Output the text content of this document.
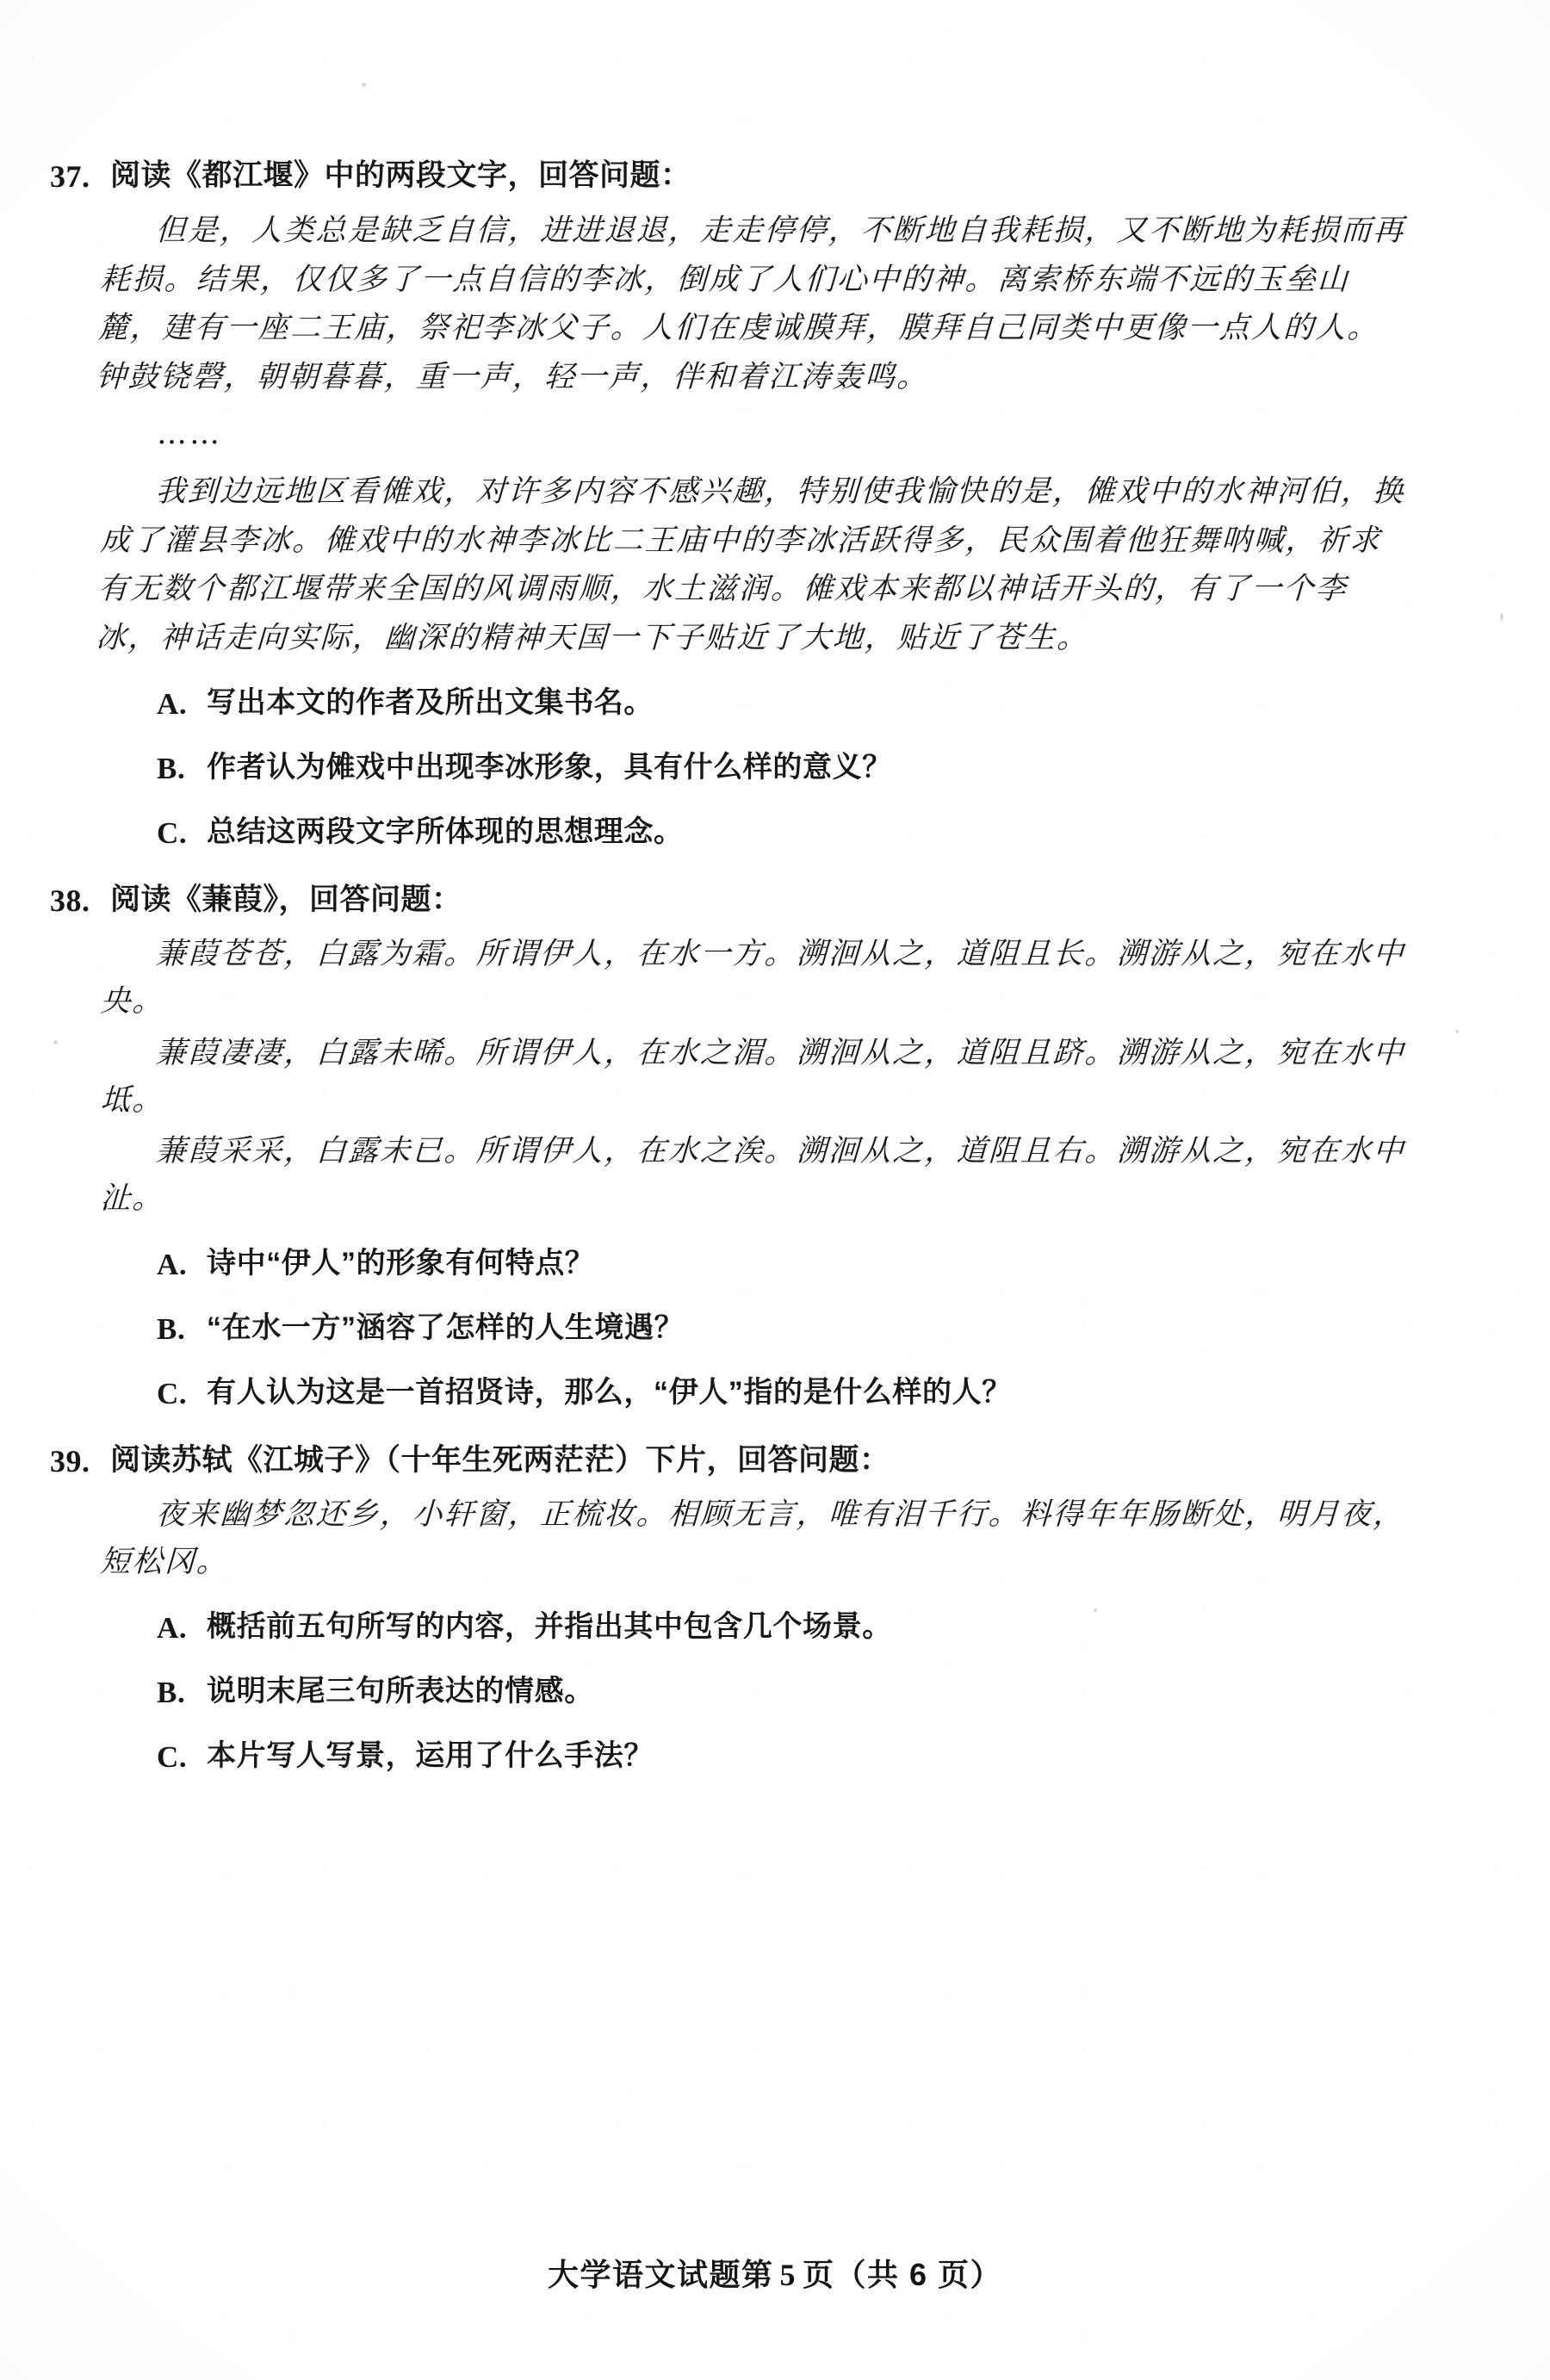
37. 阅读《都江堰》中的两段文字，回答问题：

但是，人类总是缺乏自信，进进退退，走走停停，不断地自我耗损，又不断地为耗损而再耗损。结果，仅仅多了一点自信的李冰，倒成了人们心中的神。离索桥东端不远的玉垒山麓，建有一座二王庙，祭祀李冰父子。人们在虔诚膜拜，膜拜自己同类中更像一点人的人。钟鼓铙磬，朝朝暮暮，重一声，轻一声，伴和着江涛轰鸣。

……

我到边远地区看傩戏，对许多内容不感兴趣，特别使我愉快的是，傩戏中的水神河伯，换成了灌县李冰。傩戏中的水神李冰比二王庙中的李冰活跃得多，民众围着他狂舞呐喊，祈求有无数个都江堰带来全国的风调雨顺，水土滋润。傩戏本来都以神话开头的，有了一个李冰，神话走向实际，幽深的精神天国一下子贴近了大地，贴近了苍生。

A. 写出本文的作者及所出文集书名。
B. 作者认为傩戏中出现李冰形象，具有什么样的意义？
C. 总结这两段文字所体现的思想理念。
38. 阅读《蒹葭》，回答问题：

蒹葭苍苍，白露为霜。所谓伊人，在水一方。溯洄从之，道阻且长。溯游从之，宛在水中央。

蒹葭凄凄，白露未晞。所谓伊人，在水之湄。溯洄从之，道阻且跻。溯游从之，宛在水中坻。

蒹葭采采，白露未已。所谓伊人，在水之涘。溯洄从之，道阻且右。溯游从之，宛在水中沚。

A. 诗中“伊人”的形象有何特点？
B. “在水一方”涵容了怎样的人生境遇？
C. 有人认为这是一首招贤诗，那么，“伊人”指的是什么样的人？
39. 阅读苏轼《江城子》（十年生死两茫茫）下片，回答问题：

夜来幽梦忽还乡，小轩窗，正梳妆。相顾无言，唯有泪千行。料得年年肠断处，明月夜，短松冈。

A. 概括前五句所写的内容，并指出其中包含几个场景。
B. 说明末尾三句所表达的情感。
C. 本片写人写景，运用了什么手法？
大学语文试题第 5 页（共 6 页）
